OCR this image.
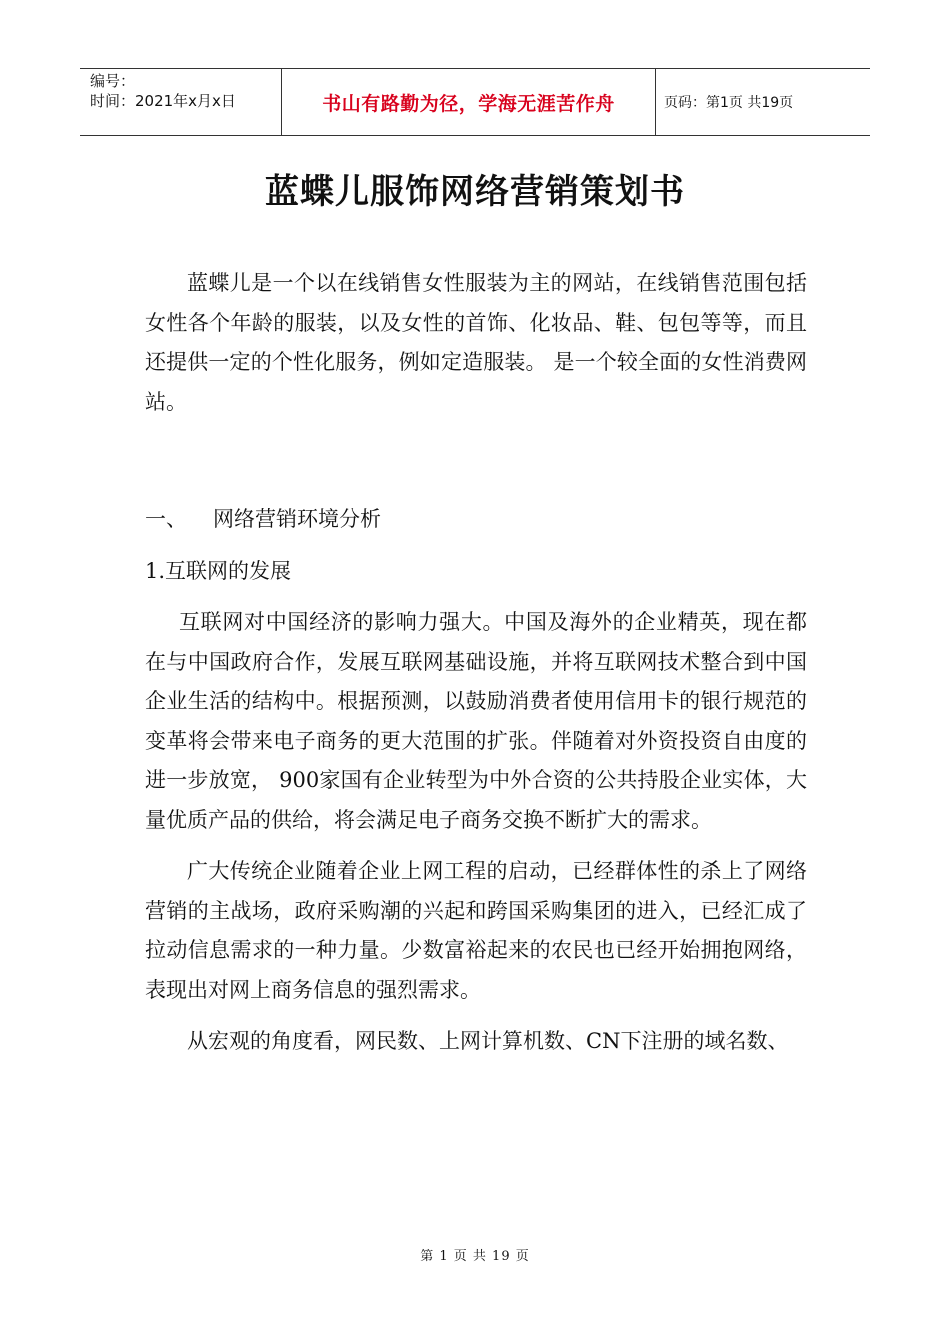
编号：
时间：2021年x月x日	书山有路勤为径，学海无涯苦作舟	页码：第1页 共19页
蓝蝶儿服饰网络营销策划书

蓝蝶儿是一个以在线销售女性服装为主的网站，在线销售范围包括女性各个年龄的服装，以及女性的首饰、化妆品、鞋、包包等等，而且还提供一定的个性化服务，例如定造服装。 是一个较全面的女性消费网站。

一、 网络营销环境分析

1.互联网的发展

互联网对中国经济的影响力强大。中国及海外的企业精英，现在都在与中国政府合作，发展互联网基础设施，并将互联网技术整合到中国企业生活的结构中。根据预测，以鼓励消费者使用信用卡的银行规范的变革将会带来电子商务的更大范围的扩张。伴随着对外资投资自由度的进一步放宽， 900家国有企业转型为中外合资的公共持股企业实体，大量优质产品的供给，将会满足电子商务交换不断扩大的需求。

广大传统企业随着企业上网工程的启动，已经群体性的杀上了网络营销的主战场，政府采购潮的兴起和跨国采购集团的进入，已经汇成了拉动信息需求的一种力量。少数富裕起来的农民也已经开始拥抱网络，表现出对网上商务信息的强烈需求。

从宏观的角度看，网民数、上网计算机数、CN下注册的域名数、

第 1 页 共 19 页
